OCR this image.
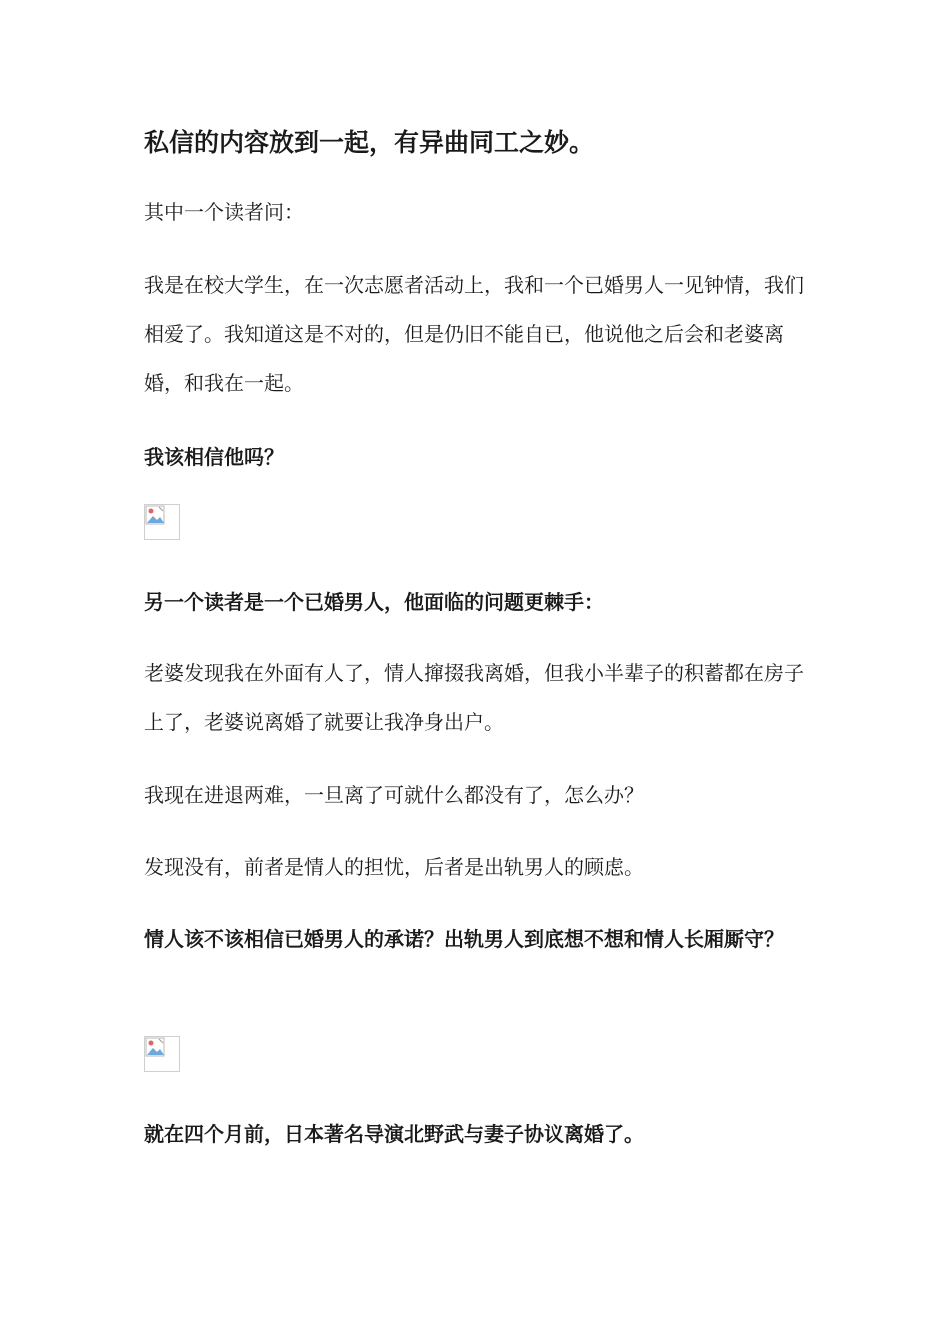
私信的内容放到一起，有异曲同工之妙。

其中一个读者问：

我是在校大学生，在一次志愿者活动上，我和一个已婚男人一见钟情，我们相爱了。我知道这是不对的，但是仍旧不能自已，他说他之后会和老婆离婚，和我在一起。

我该相信他吗？

另一个读者是一个已婚男人，他面临的问题更棘手：

老婆发现我在外面有人了，情人撺掇我离婚，但我小半辈子的积蓄都在房子上了，老婆说离婚了就要让我净身出户。

我现在进退两难，一旦离了可就什么都没有了，怎么办？

发现没有，前者是情人的担忧，后者是出轨男人的顾虑。

情人该不该相信已婚男人的承诺？出轨男人到底想不想和情人长厢厮守？

就在四个月前，日本著名导演北野武与妻子协议离婚了。
